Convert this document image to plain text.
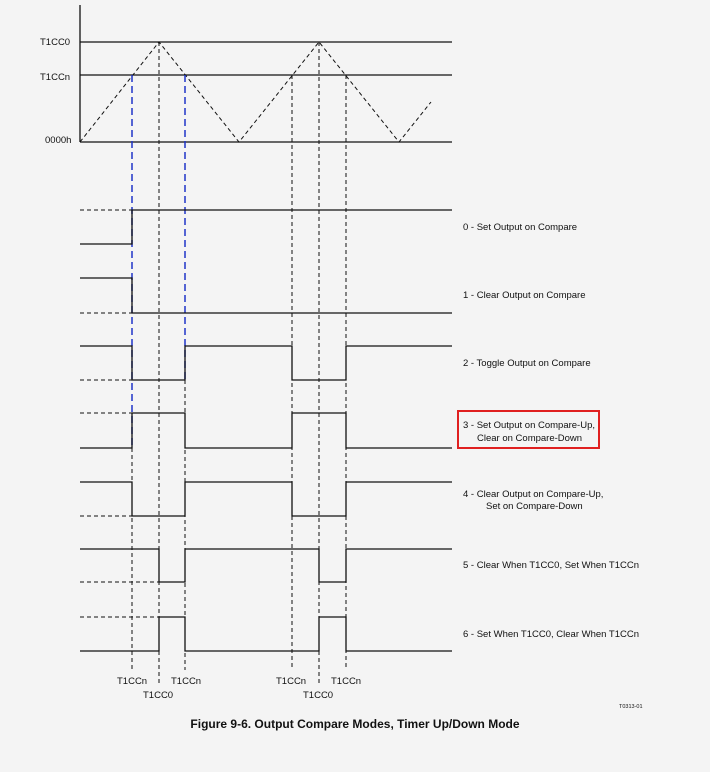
T1CC0
T1CCn
0000h
0 - Set Output on Compare
1 - Clear Output on Compare
2 - Toggle Output on Compare
3 - Set Output on Compare-Up,
Clear on Compare-Down
4 - Clear Output on Compare-Up,
Set on Compare-Down
5 - Clear When T1CC0, Set When T1CCn
6 - Set When T1CC0, Clear When T1CCn
T1CCn
T1CC0
T1CCn	T1CCn
T1CC0
T1CCn
T0313-01
Figure 9-6. Output Compare Modes, Timer Up/Down Mode
